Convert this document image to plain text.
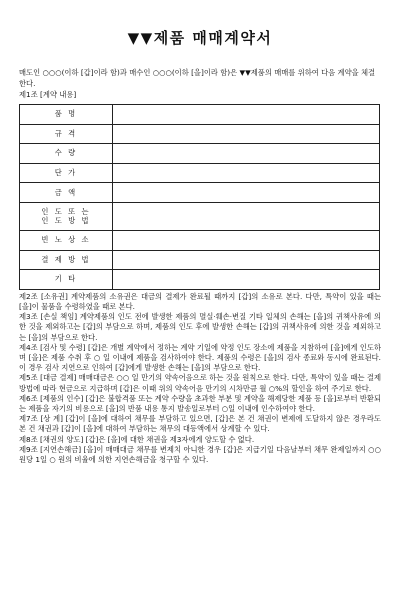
▼▼제품 매매계약서
매도인 ○○○(이하 [갑]이라 함)과 매수인 ○○○(이하 [을]이라 함)은 ▼▼제품의 매매를 위하여 다음 계약을 체결한다.
제1조 [계약 내용]
품 명	
규 격	
수 량	
단 가	
금 액	
인 도 또 는
인 도 방 법	
빈 노 상 소	
결 제 방 법	
기 타	

제2조 [소유권] 계약제품의 소유권은 대금의 결제가 완료될 때까지 [갑]의 소유로 본다. 다만, 특약이 있을 때는 [을]이 물품을 수령하였을 때로 본다.

제3조 [손실 책임] 계약제품의 인도 전에 발생한 제품의 멸실·훼손·변질 기타 일체의 손해는 [을]의 귀책사유에 의한 것을 제외하고는 [갑]의 부담으로 하며, 제품의 인도 후에 발생한 손해는 [갑]의 귀책사유에 의한 것을 제외하고는 [을]의 부담으로 한다.

제4조 [검사 및 수령] [갑]은 개별 계약에서 정하는 계약 기일에 약정 인도 장소에 제품을 지참하여 [을]에게 인도하며 [을]은 제품 수취 후 ○ 일 이내에 제품을 검사하여야 한다. 제품의 수령은 [을]의 검사 종료와 동시에 완료된다. 이 경우 검사 지연으로 인하여 [갑]에게 발생한 손해는 [을]의 부담으로 한다.

제5조 [대금 결제] 매매대금은 ○○ 일 만기의 약속어음으로 하는 것을 원칙으로 한다. 다만, 특약이 있을 때는 결제 방법에 따라 현금으로 지급하며 [갑]은 이때 위의 약속어음 만기의 시차만큼 월 ○%의 할인을 하여 주기로 한다.

제6조 [제품의 인수] [갑]은 불합격품 또는 계약 수량을 초과한 부분 및 계약을 해제당한 제품 등 [을]로부터 반환되는 제품을 자기의 비용으로 [을]의 반품 내용 통지 발송일로부터 ○일 이내에 인수하여야 한다.

제7조 [상 계] [갑]이 [을]에 대하여 채무를 부담하고 있으면, [갑]은 본 건 채권이 변제에 도달하지 않은 경우라도 본 건 채권과 [갑]이 [을]에 대하여 부담하는 채무의 대등액에서 상계할 수 있다.

제8조 [채권의 양도] [갑]은 [을]에 대한 채권을 제3자에게 양도할 수 없다.

제9조 [지연손해금] [을]이 매매대금 채무를 변제치 아니한 경우 [갑]은 지급기일 다음날부터 채무 완제일까지 ○○ 원당 1일 ○ 원의 비율에 의한 지연손해금을 청구할 수 있다.
